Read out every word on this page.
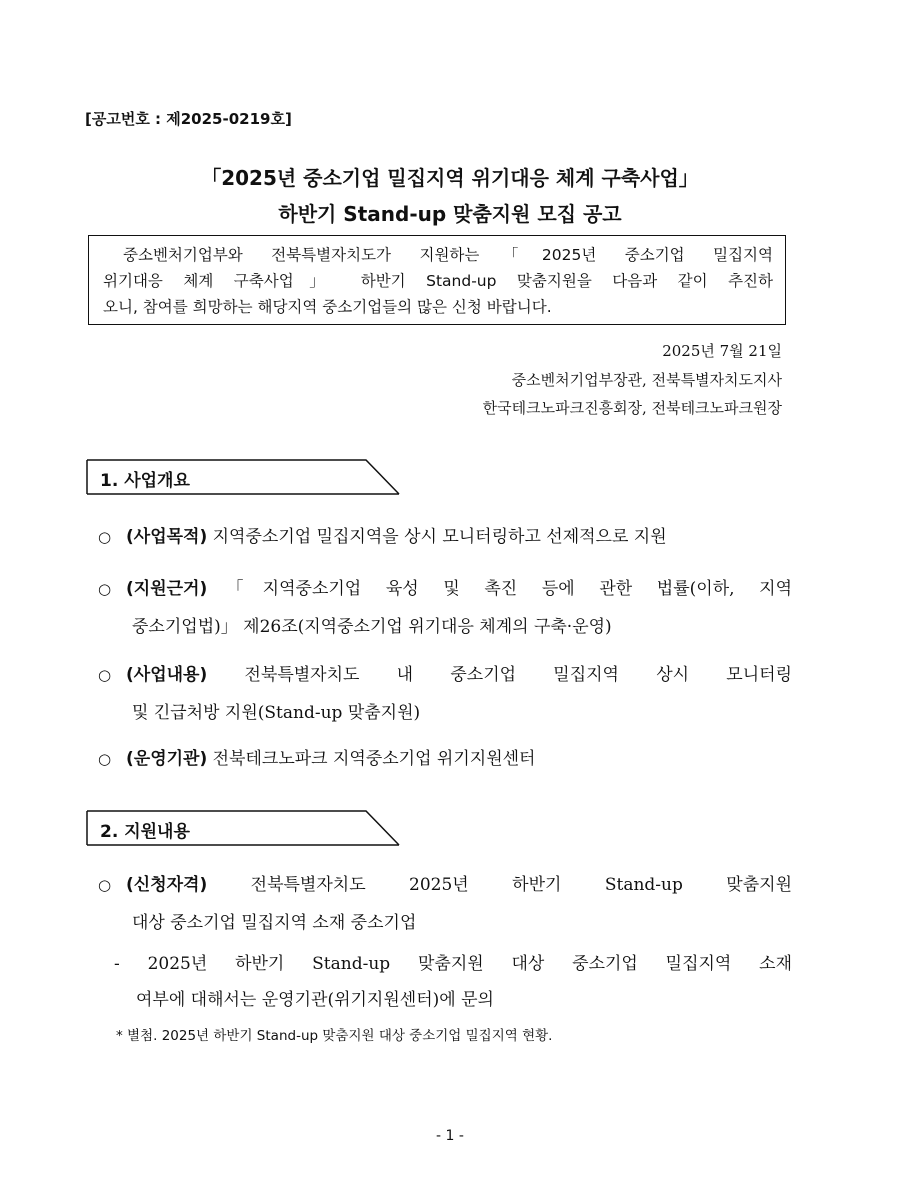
[공고번호 : 제2025-0219호]
「2025년 중소기업 밀집지역 위기대응 체계 구축사업」
하반기 Stand-up 맞춤지원 모집 공고
중소벤처기업부와 전북특별자치도가 지원하는「2025년 중소기업 밀집지역
위기대응 체계 구축사업」 하반기 Stand-up 맞춤지원을 다음과 같이 추진하
오니, 참여를 희망하는 해당지역 중소기업들의 많은 신청 바랍니다.
2025년 7월 21일
중소벤처기업부장관, 전북특별자치도지사
한국테크노파크진흥회장, 전북테크노파크원장
1. 사업개요
○ (사업목적) 지역중소기업 밀집지역을 상시 모니터링하고 선제적으로 지원
○ (지원근거)「지역중소기업 육성 및 촉진 등에 관한 법률(이하, 지역
중소기업법)」 제26조(지역중소기업 위기대응 체계의 구축·운영)
○ (사업내용) 전북특별자치도 내 중소기업 밀집지역 상시 모니터링
및 긴급처방 지원(Stand-up 맞춤지원)
○ (운영기관) 전북테크노파크 지역중소기업 위기지원센터
2. 지원내용
○ (신청자격) 전북특별자치도 2025년 하반기 Stand-up 맞춤지원
대상 중소기업 밀집지역 소재 중소기업
- 2025년 하반기 Stand-up 맞춤지원 대상 중소기업 밀집지역 소재
여부에 대해서는 운영기관(위기지원센터)에 문의
* 별첨. 2025년 하반기 Stand-up 맞춤지원 대상 중소기업 밀집지역 현황.
- 1 -
